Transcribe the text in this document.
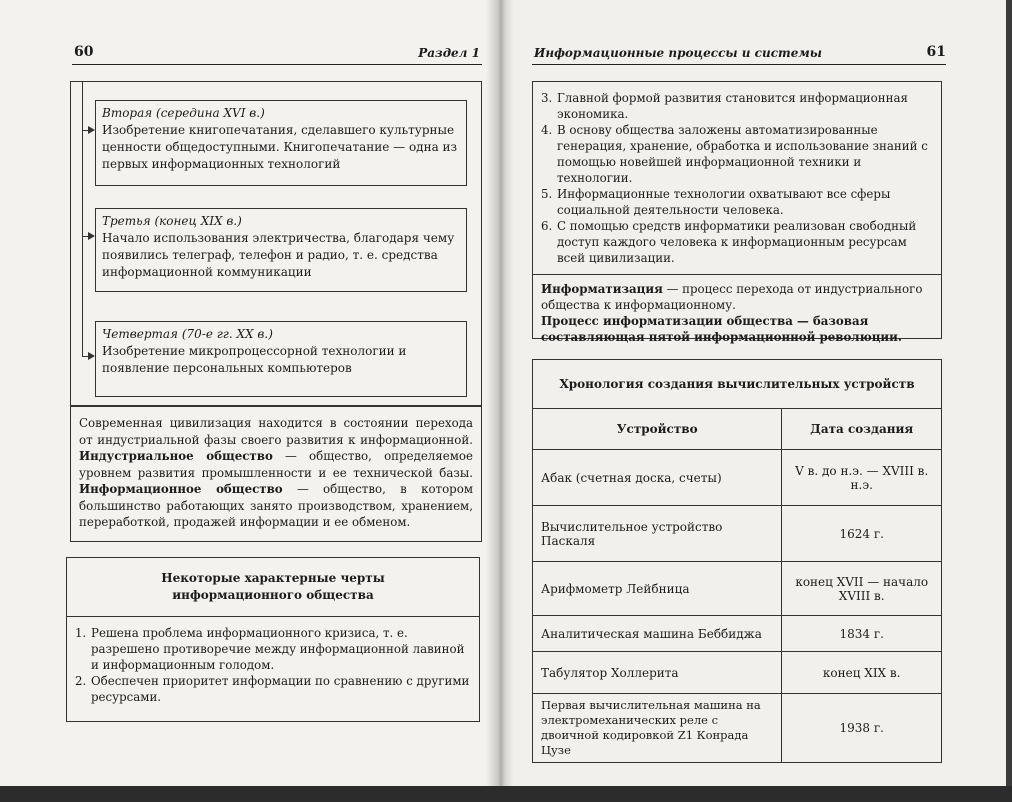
60	Раздел 1

Вторая (середина XVI в.)

Изобретение книгопечатания, сделавшего культурные ценности общедоступными. Книгопечатание — одна из первых информационных технологий

Третья (конец XIX в.)

Начало использования электричества, благодаря чему появились телеграф, телефон и радио, т. е. средства информационной коммуникации

Четвертая (70-е гг. XX в.)

Изобретение микропроцессорной технологии и появление персональных компьютеров

Современная цивилизация находится в состоянии перехода от индустриальной фазы своего развития к информационной. Индустриальное общество — общество, определяемое уровнем развития промышленности и ее технической базы. Информационное общество — общество, в котором большинство работающих занято производством, хранением, переработкой, продажей информации и ее обменом.

Некоторые характерные черты информационного общества
1. Решена проблема информационного кризиса, т. е. разрешено противоречие между информационной лавиной и информационным голодом.
2. Обеспечен приоритет информации по сравнению с другими ресурсами.
Информационные процессы и системы	61
3. Главной формой развития становится информационная экономика.
4. В основу общества заложены автоматизированные генерация, хранение, обработка и использование знаний с помощью новейшей информационной техники и технологии.
5. Информационные технологии охватывают все сферы социальной деятельности человека.
6. С помощью средств информатики реализован свободный доступ каждого человека к информационным ресурсам всей цивилизации.

Информатизация — процесс перехода от индустриального общества к информационному.

Процесс информатизации общества — базовая составляющая пятой информационной революции.

Хронология создания вычислительных устройств	
Устройство	Дата создания
Абак (счетная доска, счеты)	V в. до н.э. — XVIII в. н.э.
Вычислительное устройство Паскаля	1624 г.
Арифмометр Лейбница	конец XVII — начало XVIII в.
Аналитическая машина Беббиджа	1834 г.
Табулятор Холлерита	конец XIX в.
Первая вычислительная машина на электромеханических реле с двоичной кодировкой Z1 Конрада Цузе	1938 г.
